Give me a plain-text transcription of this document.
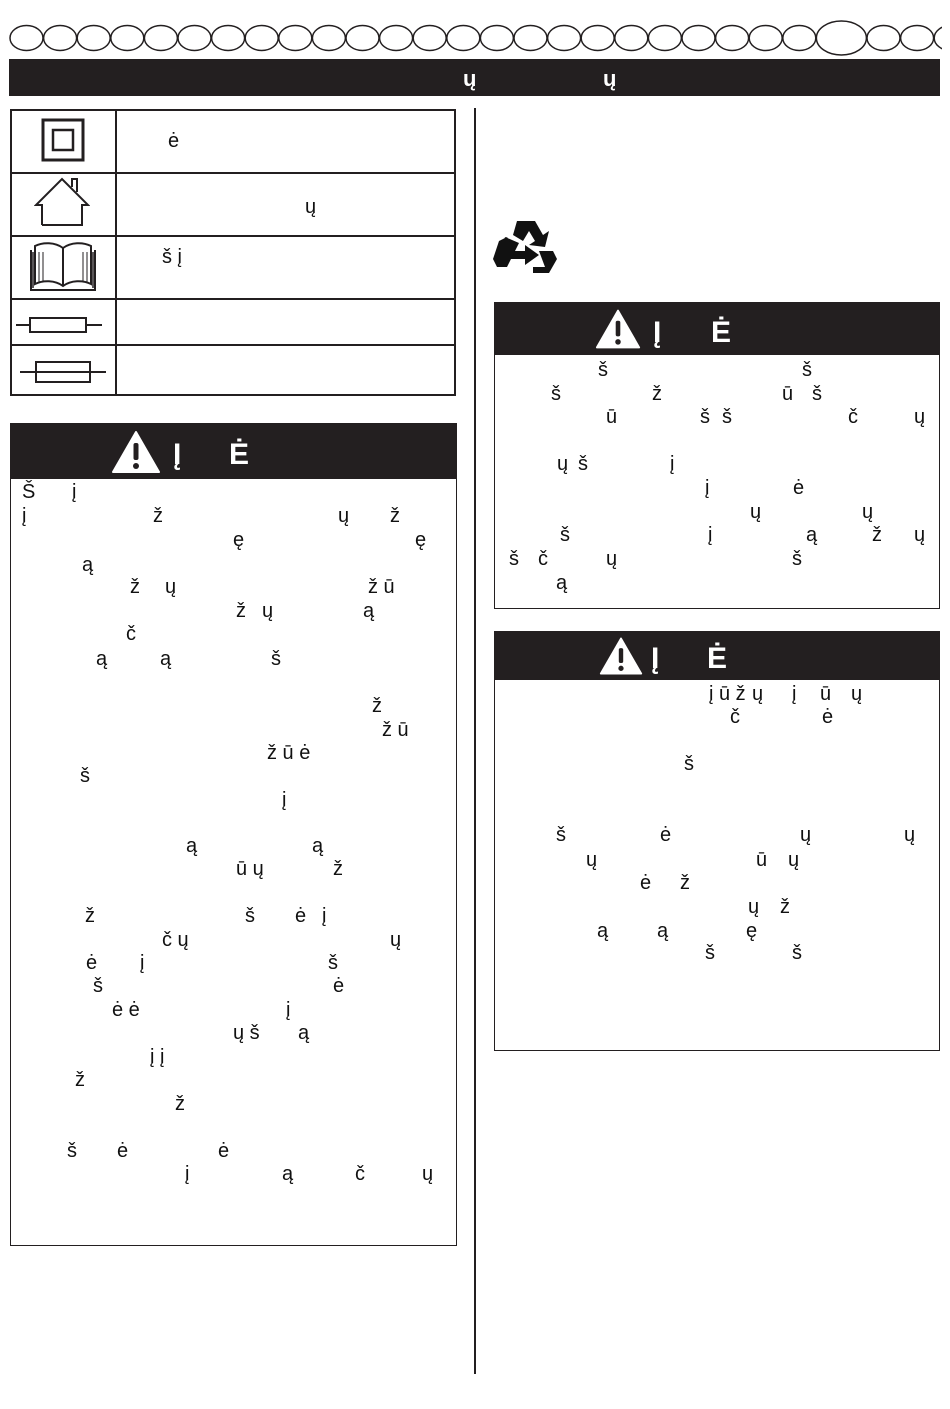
ų	ų
ė
ų
š į
Į Ė
Į Ė
Į Ė
Š į
į	ž	ų ž
ę	ę
ą
ž ų	ž ū
ž ų	ą
č
ą	ą	š
ž
ž ū
ž ū ė
š
į
ą	ą
ū ų	ž
ž	š ė į
č ų	ų
ė į	š
š	ė
ė ė	į
ų š ą
į į
ž
ž
š ė	ė
į	ą	č	ų
š	š
š	ž	ū š
ū	š š	č	ų
ų š	į
į	ė
ų	ų
š	į	ą	ž ų
š č	ų	š
ą
į ū ž ų į ū ų
č	ė
š
š	ė	ų	ų
ų	ū ų
ė ž
ų ž
ą ą	ę
š	š
